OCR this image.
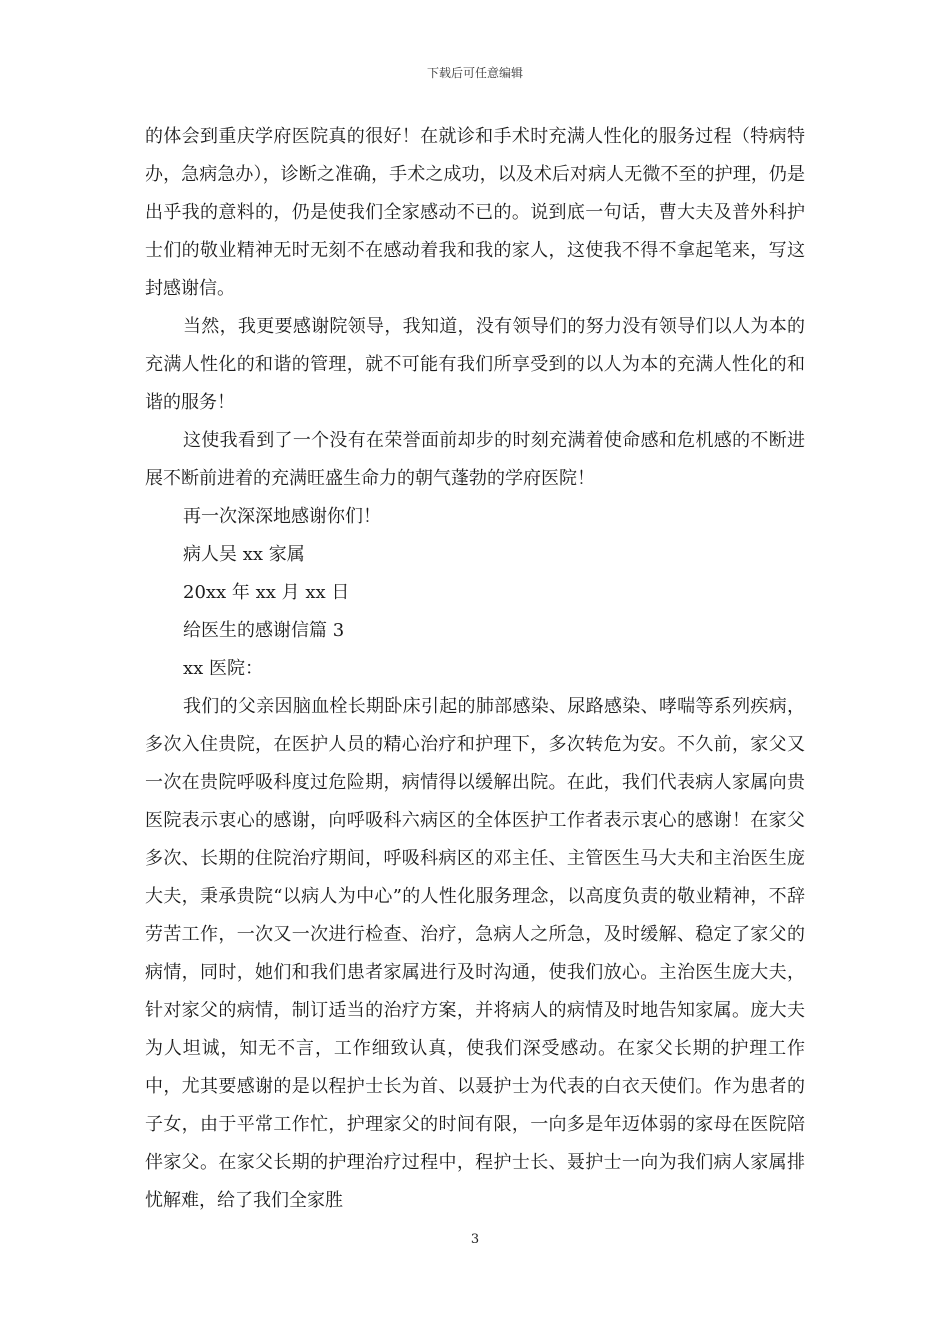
下载后可任意编辑

的体会到重庆学府医院真的很好！在就诊和手术时充满人性化的服务过程（特病特办，急病急办），诊断之准确，手术之成功，以及术后对病人无微不至的护理，仍是出乎我的意料的，仍是使我们全家感动不已的。说到底一句话，曹大夫及普外科护士们的敬业精神无时无刻不在感动着我和我的家人，这使我不得不拿起笔来，写这封感谢信。

当然，我更要感谢院领导，我知道，没有领导们的努力没有领导们以人为本的充满人性化的和谐的管理，就不可能有我们所享受到的以人为本的充满人性化的和谐的服务！

这使我看到了一个没有在荣誉面前却步的时刻充满着使命感和危机感的不断进展不断前进着的充满旺盛生命力的朝气蓬勃的学府医院！

再一次深深地感谢你们！

病人吴 xx 家属

20xx 年 xx 月 xx 日

给医生的感谢信篇 3

xx 医院：

我们的父亲因脑血栓长期卧床引起的肺部感染、尿路感染、哮喘等系列疾病，多次入住贵院，在医护人员的精心治疗和护理下，多次转危为安。不久前，家父又一次在贵院呼吸科度过危险期，病情得以缓解出院。在此，我们代表病人家属向贵医院表示衷心的感谢，向呼吸科六病区的全体医护工作者表示衷心的感谢！在家父多次、长期的住院治疗期间，呼吸科病区的邓主任、主管医生马大夫和主治医生庞大夫，秉承贵院“以病人为中心”的人性化服务理念，以高度负责的敬业精神，不辞劳苦工作，一次又一次进行检查、治疗，急病人之所急，及时缓解、稳定了家父的病情，同时，她们和我们患者家属进行及时沟通，使我们放心。主治医生庞大夫，针对家父的病情，制订适当的治疗方案，并将病人的病情及时地告知家属。庞大夫为人坦诚，知无不言，工作细致认真，使我们深受感动。在家父长期的护理工作中，尤其要感谢的是以程护士长为首、以聂护士为代表的白衣天使们。作为患者的子女，由于平常工作忙，护理家父的时间有限，一向多是年迈体弱的家母在医院陪伴家父。在家父长期的护理治疗过程中，程护士长、聂护士一向为我们病人家属排忧解难，给了我们全家胜

3
